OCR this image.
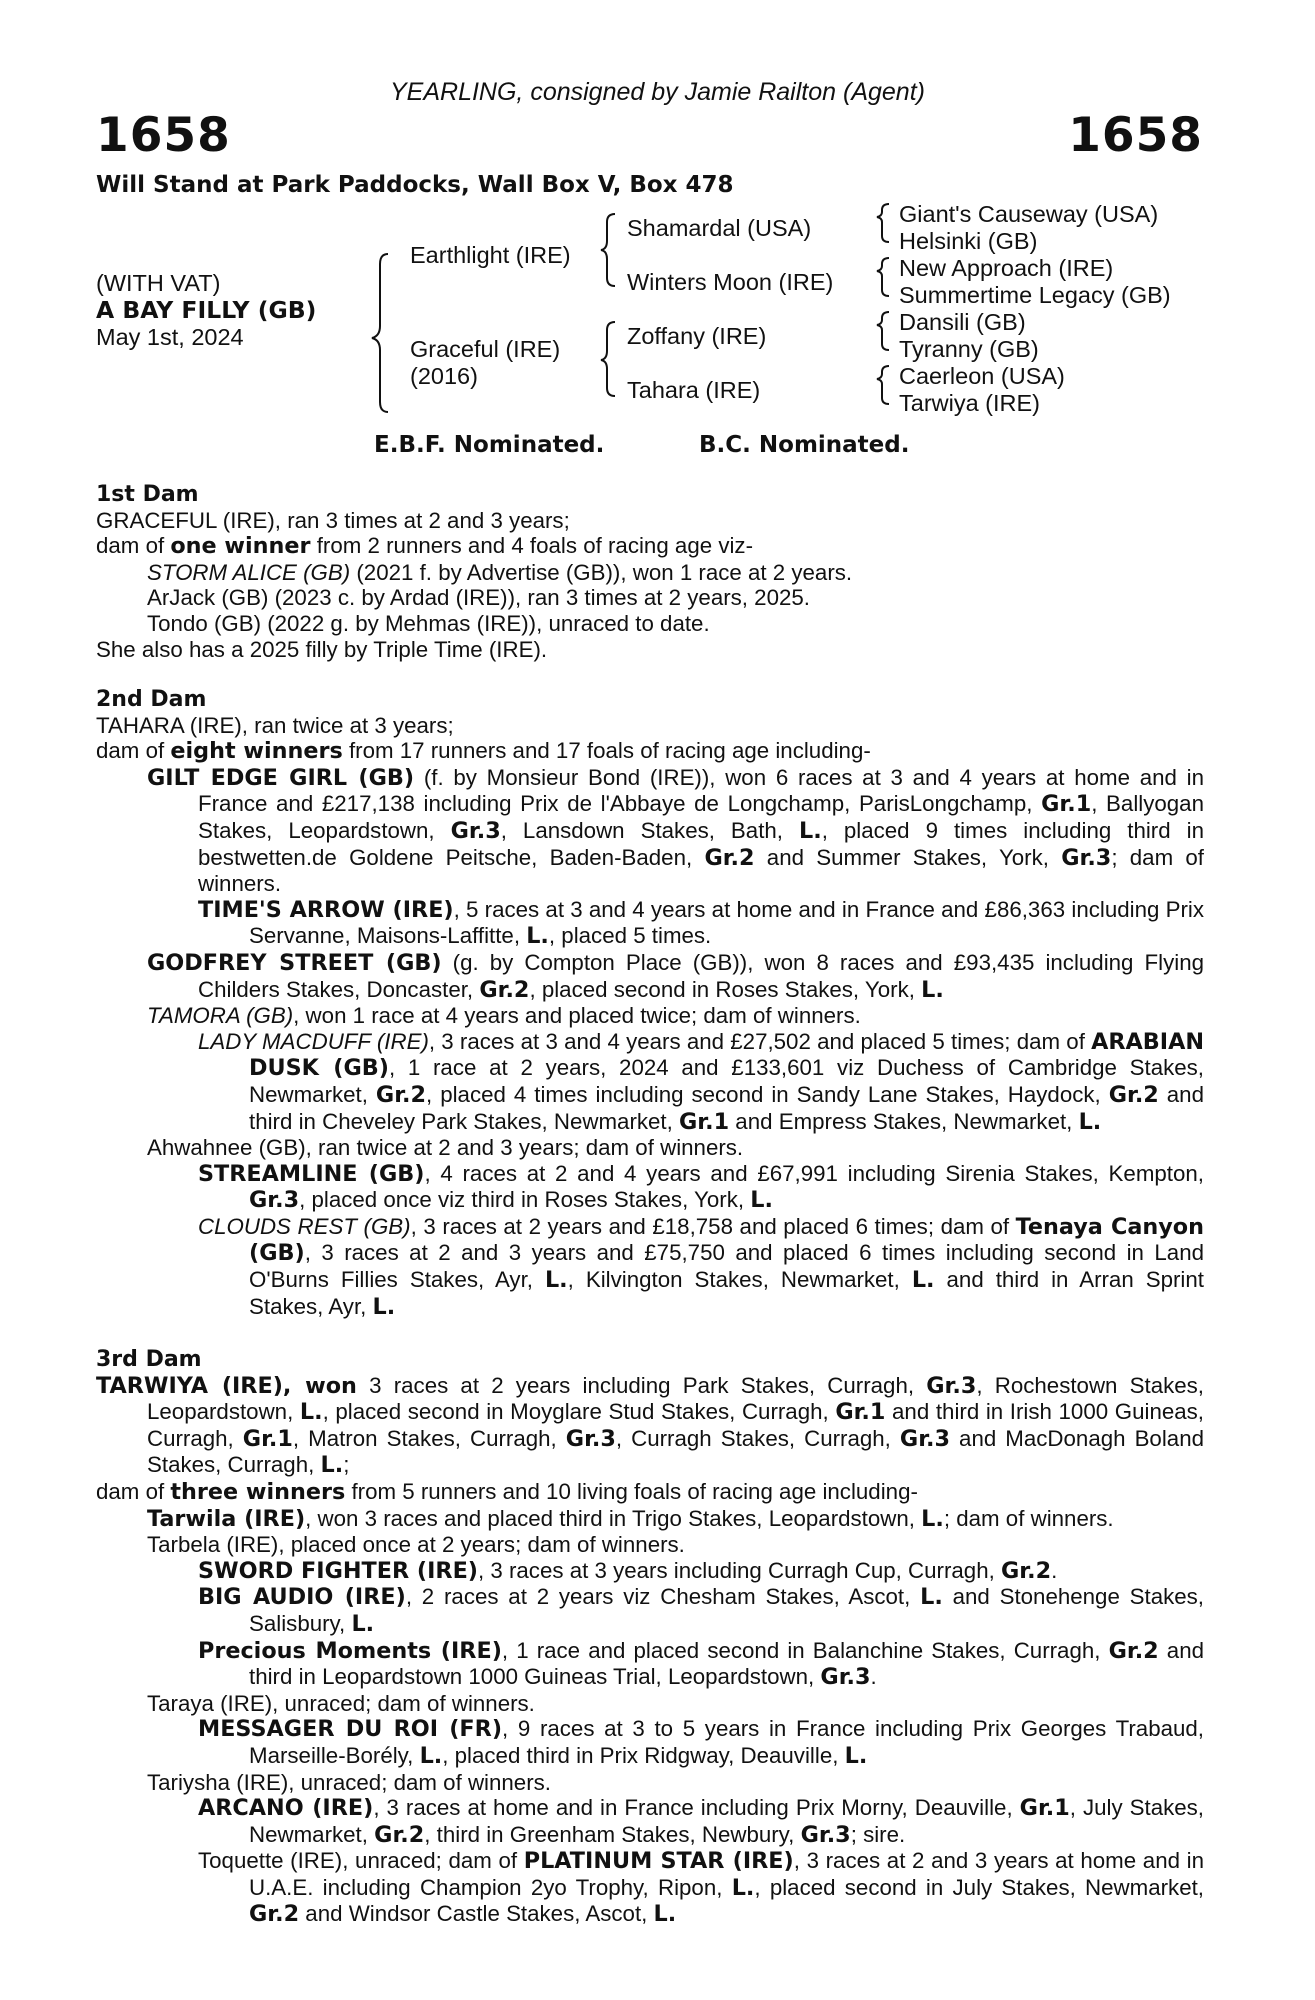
YEARLING, consigned by Jamie Railton (Agent)
1658	1658
Will Stand at Park Paddocks, Wall Box V, Box 478
(WITH VAT)
A BAY FILLY (GB)
May 1st, 2024
Earthlight (IRE)
Graceful (IRE)
(2016)
Shamardal (USA)
Winters Moon (IRE)
Zoffany (IRE)
Tahara (IRE)
Giant's Causeway (USA)
Helsinki (GB)
New Approach (IRE)
Summertime Legacy (GB)
Dansili (GB)
Tyranny (GB)
Caerleon (USA)
Tarwiya (IRE)
E.B.F. Nominated.	B.C. Nominated.
1st Dam

GRACEFUL (IRE), ran 3 times at 2 and 3 years;

dam of one winner from 2 runners and 4 foals of racing age viz-

STORM ALICE (GB) (2021 f. by Advertise (GB)), won 1 race at 2 years.

ArJack (GB) (2023 c. by Ardad (IRE)), ran 3 times at 2 years, 2025.

Tondo (GB) (2022 g. by Mehmas (IRE)), unraced to date.

She also has a 2025 filly by Triple Time (IRE).

2nd Dam

TAHARA (IRE), ran twice at 3 years;

dam of eight winners from 17 runners and 17 foals of racing age including-

GILT EDGE GIRL (GB) (f. by Monsieur Bond (IRE)), won 6 races at 3 and 4 years at home and in France and £217,138 including Prix de l'Abbaye de Longchamp, ParisLongchamp, Gr.1, Ballyogan Stakes, Leopardstown, Gr.3, Lansdown Stakes, Bath, L., placed 9 times including third in bestwetten.de Goldene Peitsche, Baden-Baden, Gr.2 and Summer Stakes, York, Gr.3; dam of winners.

TIME'S ARROW (IRE), 5 races at 3 and 4 years at home and in France and £86,363 including Prix Servanne, Maisons-Laffitte, L., placed 5 times.

GODFREY STREET (GB) (g. by Compton Place (GB)), won 8 races and £93,435 including Flying Childers Stakes, Doncaster, Gr.2, placed second in Roses Stakes, York, L.

TAMORA (GB), won 1 race at 4 years and placed twice; dam of winners.

LADY MACDUFF (IRE), 3 races at 3 and 4 years and £27,502 and placed 5 times; dam of ARABIAN DUSK (GB), 1 race at 2 years, 2024 and £133,601 viz Duchess of Cambridge Stakes, Newmarket, Gr.2, placed 4 times including second in Sandy Lane Stakes, Haydock, Gr.2 and third in Cheveley Park Stakes, Newmarket, Gr.1 and Empress Stakes, Newmarket, L.

Ahwahnee (GB), ran twice at 2 and 3 years; dam of winners.

STREAMLINE (GB), 4 races at 2 and 4 years and £67,991 including Sirenia Stakes, Kempton, Gr.3, placed once viz third in Roses Stakes, York, L.

CLOUDS REST (GB), 3 races at 2 years and £18,758 and placed 6 times; dam of Tenaya Canyon (GB), 3 races at 2 and 3 years and £75,750 and placed 6 times including second in Land O'Burns Fillies Stakes, Ayr, L., Kilvington Stakes, Newmarket, L. and third in Arran Sprint Stakes, Ayr, L.

3rd Dam

TARWIYA (IRE), won 3 races at 2 years including Park Stakes, Curragh, Gr.3, Rochestown Stakes, Leopardstown, L., placed second in Moyglare Stud Stakes, Curragh, Gr.1 and third in Irish 1000 Guineas, Curragh, Gr.1, Matron Stakes, Curragh, Gr.3, Curragh Stakes, Curragh, Gr.3 and MacDonagh Boland Stakes, Curragh, L.;

dam of three winners from 5 runners and 10 living foals of racing age including-

Tarwila (IRE), won 3 races and placed third in Trigo Stakes, Leopardstown, L.; dam of winners.

Tarbela (IRE), placed once at 2 years; dam of winners.

SWORD FIGHTER (IRE), 3 races at 3 years including Curragh Cup, Curragh, Gr.2.

BIG AUDIO (IRE), 2 races at 2 years viz Chesham Stakes, Ascot, L. and Stonehenge Stakes, Salisbury, L.

Precious Moments (IRE), 1 race and placed second in Balanchine Stakes, Curragh, Gr.2 and third in Leopardstown 1000 Guineas Trial, Leopardstown, Gr.3.

Taraya (IRE), unraced; dam of winners.

MESSAGER DU ROI (FR), 9 races at 3 to 5 years in France including Prix Georges Trabaud, Marseille-Borély, L., placed third in Prix Ridgway, Deauville, L.

Tariysha (IRE), unraced; dam of winners.

ARCANO (IRE), 3 races at home and in France including Prix Morny, Deauville, Gr.1, July Stakes, Newmarket, Gr.2, third in Greenham Stakes, Newbury, Gr.3; sire.

Toquette (IRE), unraced; dam of PLATINUM STAR (IRE), 3 races at 2 and 3 years at home and in U.A.E. including Champion 2yo Trophy, Ripon, L., placed second in July Stakes, Newmarket, Gr.2 and Windsor Castle Stakes, Ascot, L.
